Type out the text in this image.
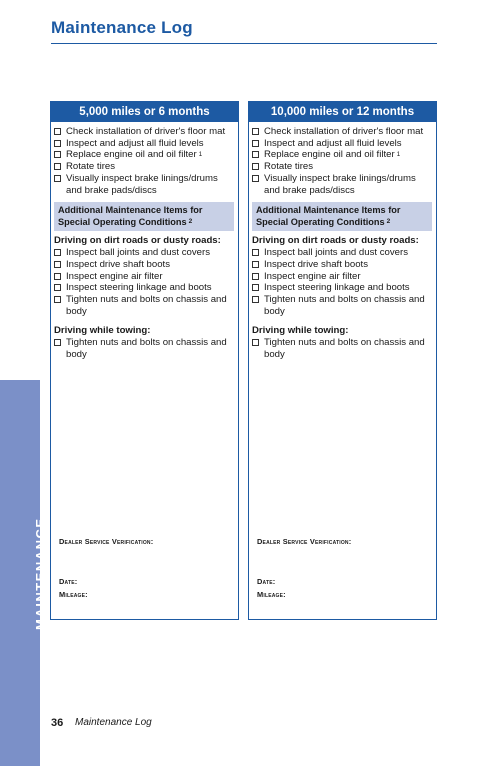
Maintenance Log
MAINTENANCE
5,000 miles or 6 months
Check installation of driver's floor mat
Inspect and adjust all fluid levels
Replace engine oil and oil filter $^1$
Rotate tires
Visually inspect brake linings/drums and brake pads/discs
Additional Maintenance Items for Special Operating Conditions $^2$
Driving on dirt roads or dusty roads:
Inspect ball joints and dust covers
Inspect drive shaft boots
Inspect engine air filter
Inspect steering linkage and boots
Tighten nuts and bolts on chassis and body
Driving while towing:
Tighten nuts and bolts on chassis and body
Dealer Service Verification:
Date:
Mileage:
10,000 miles or 12 months
Check installation of driver's floor mat
Inspect and adjust all fluid levels
Replace engine oil and oil filter $^1$
Rotate tires
Visually inspect brake linings/drums and brake pads/discs
Additional Maintenance Items for Special Operating Conditions $^2$
Driving on dirt roads or dusty roads:
Inspect ball joints and dust covers
Inspect drive shaft boots
Inspect engine air filter
Inspect steering linkage and boots
Tighten nuts and bolts on chassis and body
Driving while towing:
Tighten nuts and bolts on chassis and body
Dealer Service Verification:
Date:
Mileage:
36 Maintenance Log
